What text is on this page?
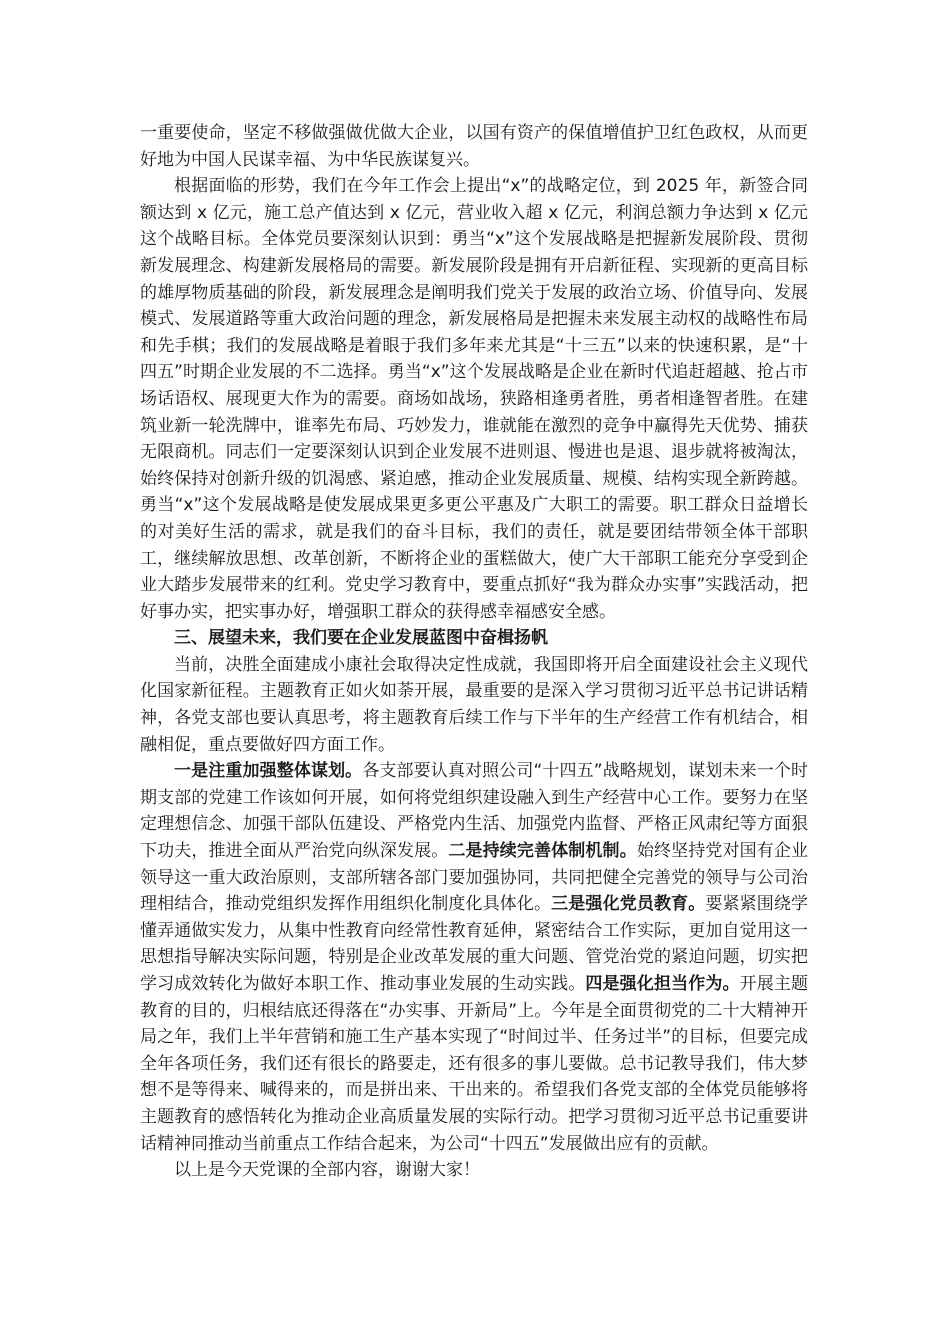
一重要使命，坚定不移做强做优做大企业，以国有资产的保值增值护卫红色政权，从而更好地为中国人民谋幸福、为中华民族谋复兴。

根据面临的形势，我们在今年工作会上提出“x”的战略定位，到 2025 年，新签合同额达到 x 亿元，施工总产值达到 x 亿元，营业收入超 x 亿元，利润总额力争达到 x 亿元这个战略目标。全体党员要深刻认识到：勇当“x”这个发展战略是把握新发展阶段、贯彻新发展理念、构建新发展格局的需要。新发展阶段是拥有开启新征程、实现新的更高目标的雄厚物质基础的阶段，新发展理念是阐明我们党关于发展的政治立场、价值导向、发展模式、发展道路等重大政治问题的理念，新发展格局是把握未来发展主动权的战略性布局和先手棋；我们的发展战略是着眼于我们多年来尤其是“十三五”以来的快速积累，是“十四五”时期企业发展的不二选择。勇当“x”这个发展战略是企业在新时代追赶超越、抢占市场话语权、展现更大作为的需要。商场如战场，狭路相逢勇者胜，勇者相逢智者胜。在建筑业新一轮洗牌中，谁率先布局、巧妙发力，谁就能在激烈的竞争中赢得先天优势、捕获无限商机。同志们一定要深刻认识到企业发展不进则退、慢进也是退、退步就将被淘汰，始终保持对创新升级的饥渴感、紧迫感，推动企业发展质量、规模、结构实现全新跨越。勇当“x”这个发展战略是使发展成果更多更公平惠及广大职工的需要。职工群众日益增长的对美好生活的需求，就是我们的奋斗目标，我们的责任，就是要团结带领全体干部职工，继续解放思想、改革创新，不断将企业的蛋糕做大，使广大干部职工能充分享受到企业大踏步发展带来的红利。党史学习教育中，要重点抓好“我为群众办实事”实践活动，把好事办实，把实事办好，增强职工群众的获得感幸福感安全感。

三、展望未来，我们要在企业发展蓝图中奋楫扬帆

当前，决胜全面建成小康社会取得决定性成就，我国即将开启全面建设社会主义现代化国家新征程。主题教育正如火如荼开展，最重要的是深入学习贯彻习近平总书记讲话精神，各党支部也要认真思考，将主题教育后续工作与下半年的生产经营工作有机结合，相融相促，重点要做好四方面工作。

一是注重加强整体谋划。各支部要认真对照公司“十四五”战略规划，谋划未来一个时期支部的党建工作该如何开展，如何将党组织建设融入到生产经营中心工作。要努力在坚定理想信念、加强干部队伍建设、严格党内生活、加强党内监督、严格正风肃纪等方面狠下功夫，推进全面从严治党向纵深发展。二是持续完善体制机制。始终坚持党对国有企业领导这一重大政治原则，支部所辖各部门要加强协同，共同把健全完善党的领导与公司治理相结合，推动党组织发挥作用组织化制度化具体化。三是强化党员教育。要紧紧围绕学懂弄通做实发力，从集中性教育向经常性教育延伸，紧密结合工作实际，更加自觉用这一思想指导解决实际问题，特别是企业改革发展的重大问题、管党治党的紧迫问题，切实把学习成效转化为做好本职工作、推动事业发展的生动实践。四是强化担当作为。开展主题教育的目的，归根结底还得落在“办实事、开新局”上。今年是全面贯彻党的二十大精神开局之年，我们上半年营销和施工生产基本实现了“时间过半、任务过半”的目标，但要完成全年各项任务，我们还有很长的路要走，还有很多的事儿要做。总书记教导我们，伟大梦想不是等得来、喊得来的，而是拼出来、干出来的。希望我们各党支部的全体党员能够将主题教育的感悟转化为推动企业高质量发展的实际行动。把学习贯彻习近平总书记重要讲话精神同推动当前重点工作结合起来，为公司“十四五”发展做出应有的贡献。

以上是今天党课的全部内容，谢谢大家！
